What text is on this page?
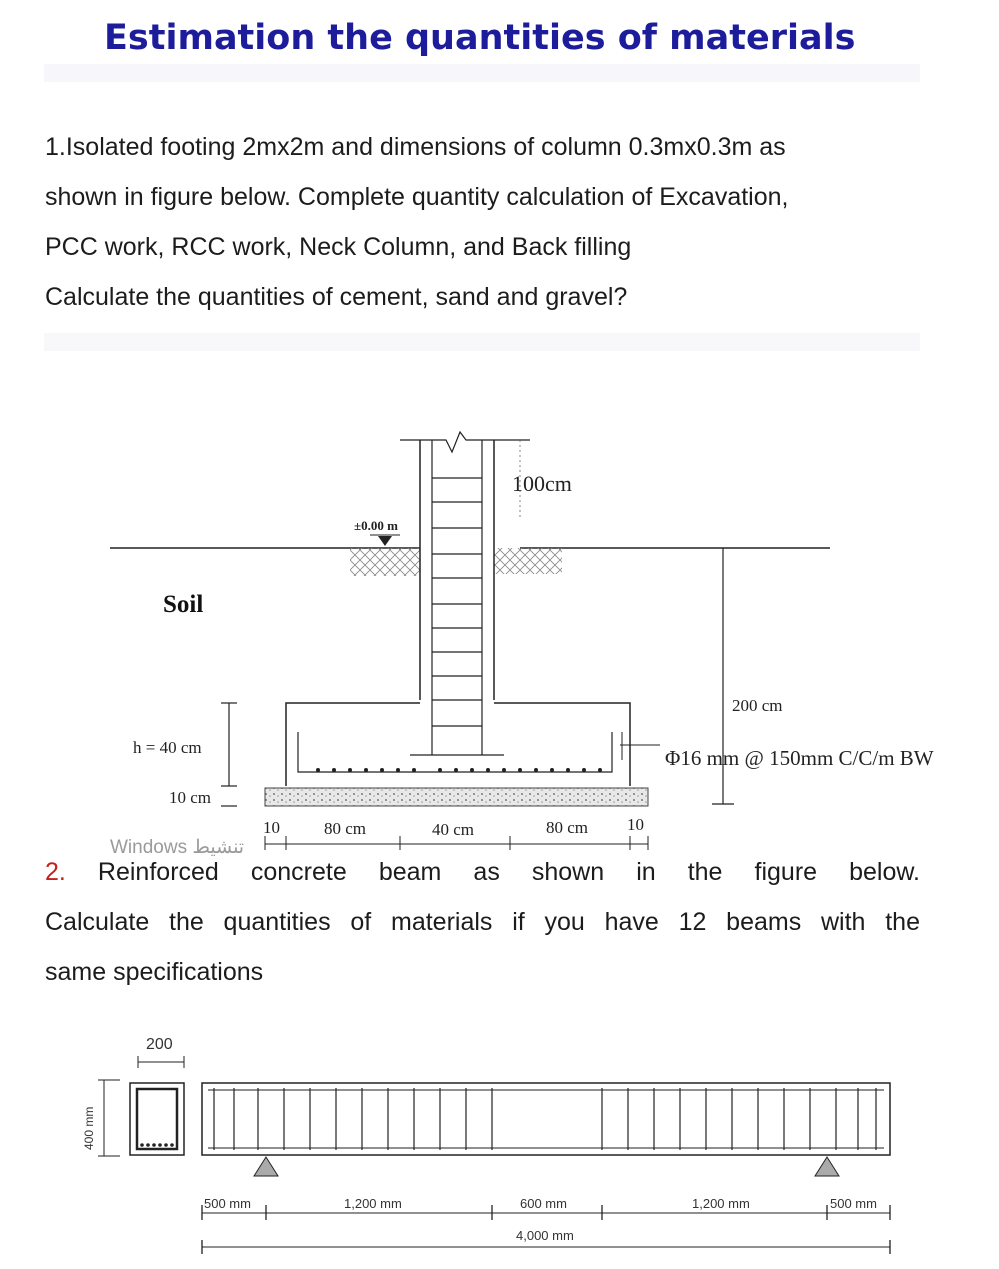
Estimation the quantities of materials
1.Isolated footing 2mx2m and dimensions of column 0.3mx0.3m as
shown in figure below. Complete quantity calculation of Excavation,
PCC work, RCC work, Neck Column, and Back filling
Calculate the quantities of cement, sand and gravel?
100cm
±0.00 m
Soil
200 cm
h = 40 cm	Φ16 mm @ 150mm C/C/m BW
10 cm
10	80 cm	40 cm	80 cm 10
Windows تنشيط
2. Reinforced concrete beam as shown in the figure below.
Calculate the quantities of materials if you have 12 beams with the
same specifications
200
400 mm
500 mm	1,200 mm	600 mm	1,200 mm	500 mm
4,000 mm
